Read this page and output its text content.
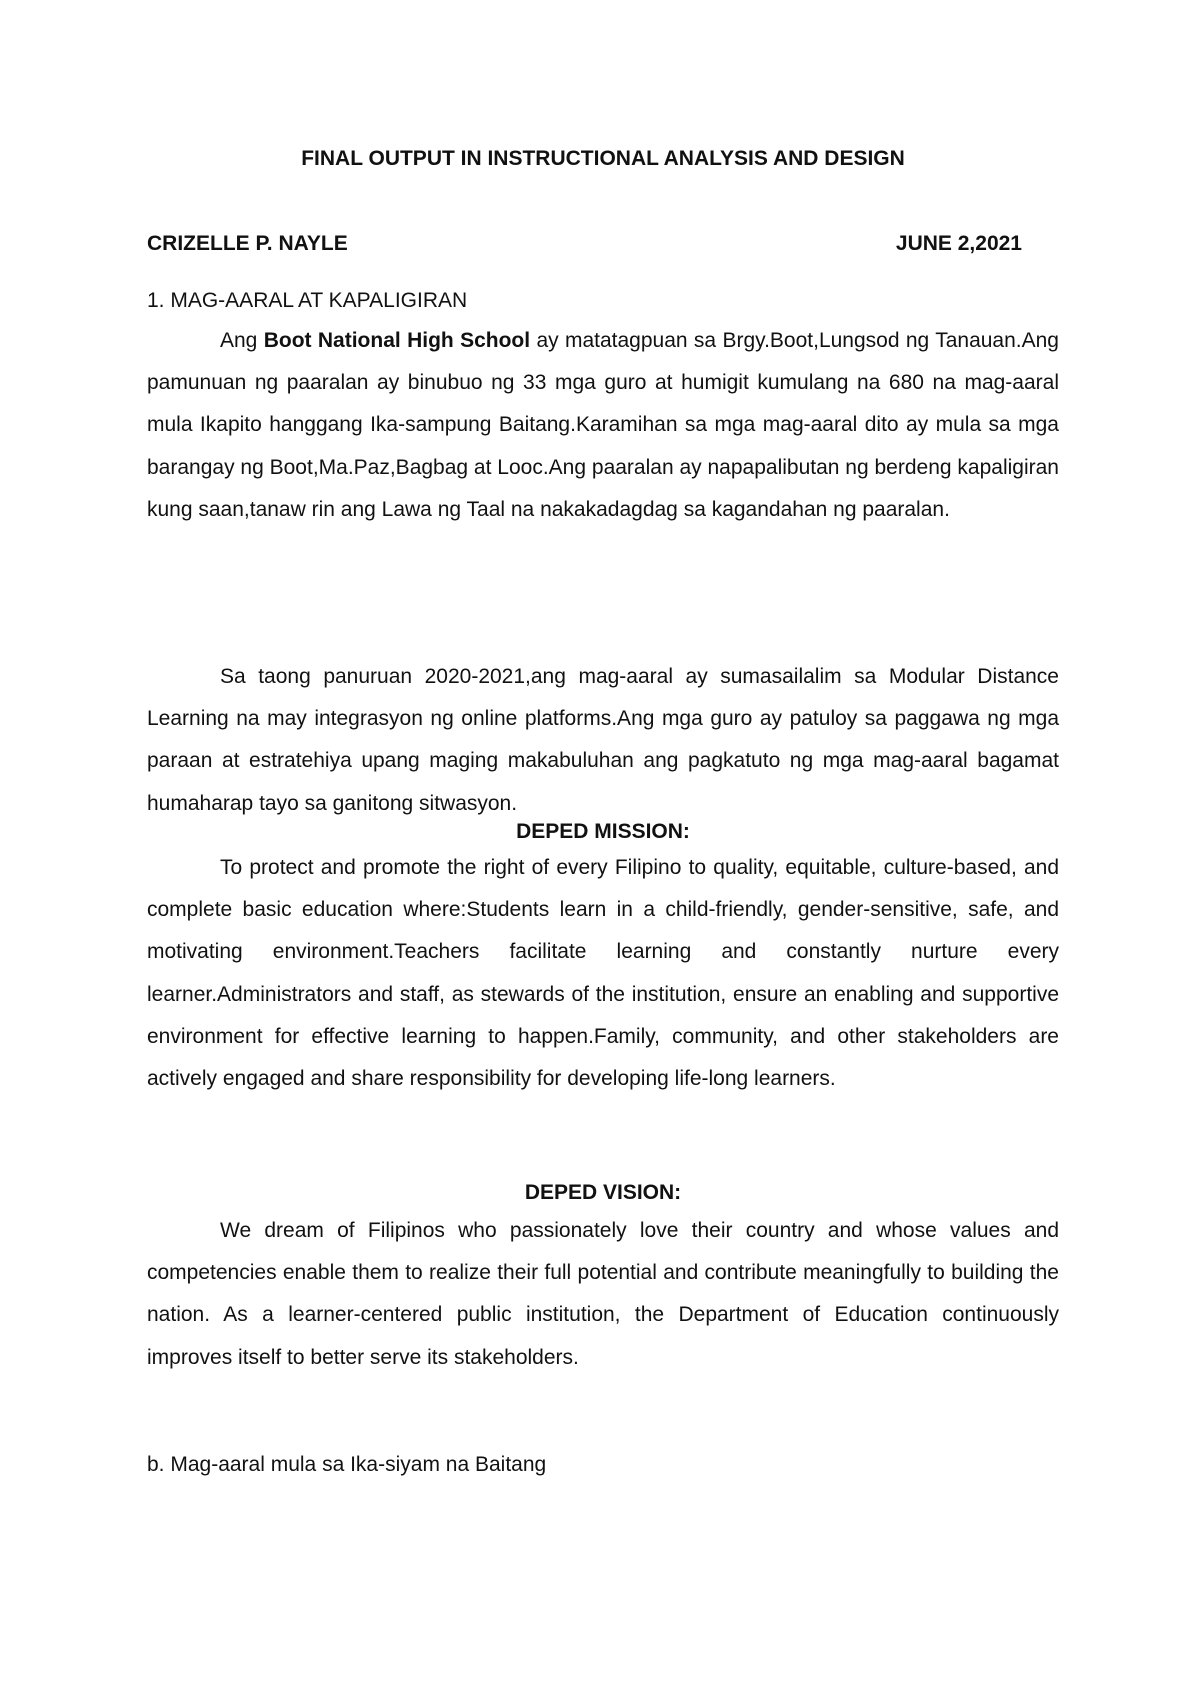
FINAL OUTPUT IN INSTRUCTIONAL ANALYSIS AND DESIGN
CRIZELLE P. NAYLE	JUNE 2,2021
1. MAG-AARAL AT KAPALIGIRAN

Ang Boot National High School ay matatagpuan sa Brgy.Boot,Lungsod ng Tanauan.Ang pamunuan ng paaralan ay binubuo ng 33 mga guro at humigit kumulang na 680 na mag-aaral mula Ikapito hanggang Ika-sampung Baitang.Karamihan sa mga mag-aaral dito ay mula sa mga barangay ng Boot,Ma.Paz,Bagbag at Looc.Ang paaralan ay napapalibutan ng berdeng kapaligiran kung saan,tanaw rin ang Lawa ng Taal na nakakadagdag sa kagandahan ng paaralan.

Sa taong panuruan 2020-2021,ang mag-aaral ay sumasailalim sa Modular Distance Learning na may integrasyon ng online platforms.Ang mga guro ay patuloy sa paggawa ng mga paraan at estratehiya upang maging makabuluhan ang pagkatuto ng mga mag-aaral bagamat humaharap tayo sa ganitong sitwasyon.

DEPED MISSION:

To protect and promote the right of every Filipino to quality, equitable, culture-based, and complete basic education where:Students learn in a child-friendly, gender-sensitive, safe, and motivating environment.Teachers facilitate learning and constantly nurture every learner.Administrators and staff, as stewards of the institution, ensure an enabling and supportive environment for effective learning to happen.Family, community, and other stakeholders are actively engaged and share responsibility for developing life-long learners.

DEPED VISION:

We dream of Filipinos who passionately love their country and whose values and competencies enable them to realize their full potential and contribute meaningfully to building the nation. As a learner-centered public institution, the Department of Education continuously improves itself to better serve its stakeholders.

b. Mag-aaral mula sa Ika-siyam na Baitang
